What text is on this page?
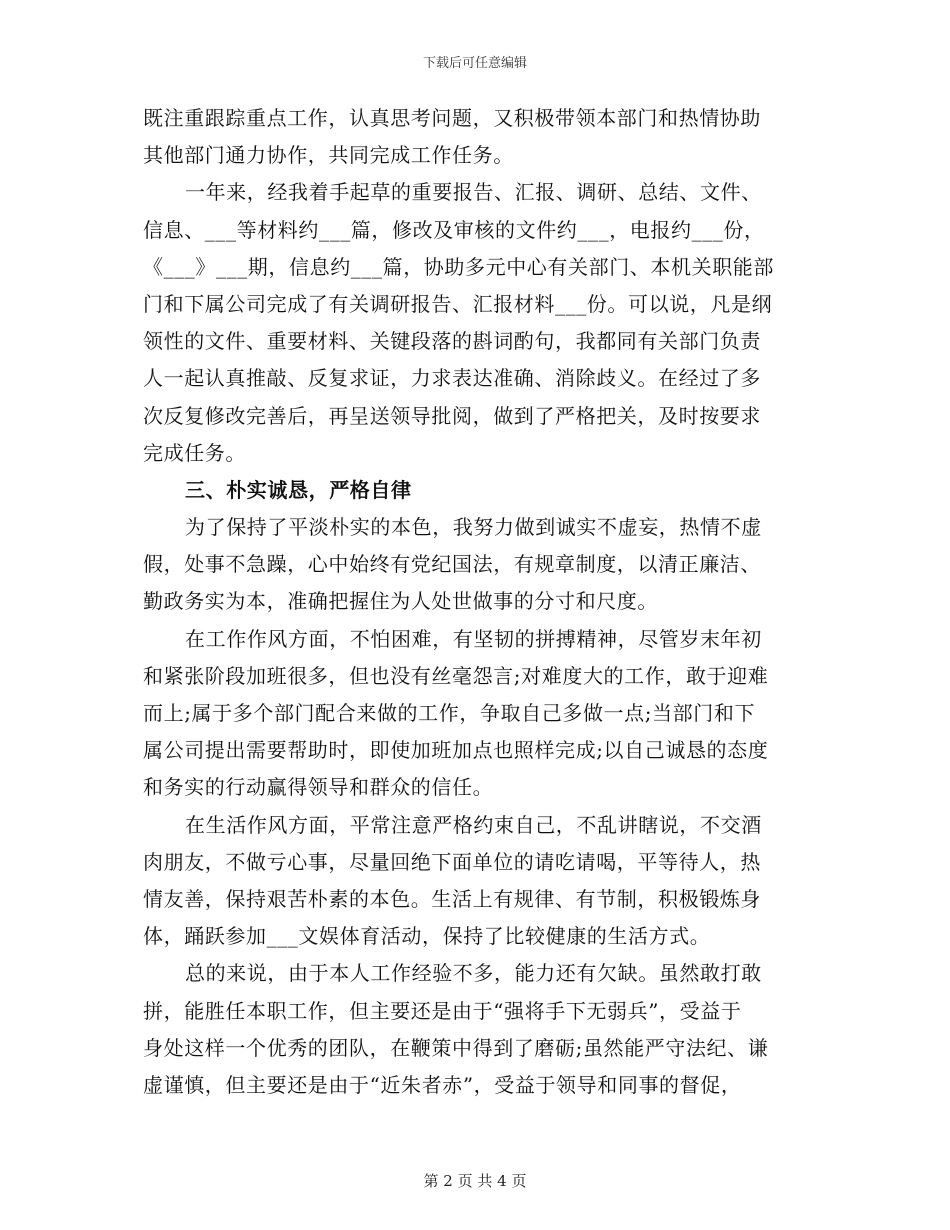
下载后可任意编辑
既注重跟踪重点工作，认真思考问题，又积极带领本部门和热情协助
其他部门通力协作，共同完成工作任务。
一年来，经我着手起草的重要报告、汇报、调研、总结、文件、
信息、___等材料约___篇，修改及审核的文件约___，电报约___份，
《___》___期，信息约___篇，协助多元中心有关部门、本机关职能部
门和下属公司完成了有关调研报告、汇报材料___份。可以说，凡是纲
领性的文件、重要材料、关键段落的斟词酌句，我都同有关部门负责
人一起认真推敲、反复求证，力求表达准确、消除歧义。在经过了多
次反复修改完善后，再呈送领导批阅，做到了严格把关，及时按要求
完成任务。
三、朴实诚恳，严格自律
为了保持了平淡朴实的本色，我努力做到诚实不虚妄，热情不虚
假，处事不急躁，心中始终有党纪国法，有规章制度，以清正廉洁、
勤政务实为本，准确把握住为人处世做事的分寸和尺度。
在工作作风方面，不怕困难，有坚韧的拼搏精神，尽管岁末年初
和紧张阶段加班很多，但也没有丝毫怨言;对难度大的工作，敢于迎难
而上;属于多个部门配合来做的工作，争取自己多做一点;当部门和下
属公司提出需要帮助时，即使加班加点也照样完成;以自己诚恳的态度
和务实的行动赢得领导和群众的信任。
在生活作风方面，平常注意严格约束自己，不乱讲瞎说，不交酒
肉朋友，不做亏心事，尽量回绝下面单位的请吃请喝，平等待人，热
情友善，保持艰苦朴素的本色。生活上有规律、有节制，积极锻炼身
体，踊跃参加___文娱体育活动，保持了比较健康的生活方式。
总的来说，由于本人工作经验不多，能力还有欠缺。虽然敢打敢
拼，能胜任本职工作，但主要还是由于“强将手下无弱兵”，受益于
身处这样一个优秀的团队，在鞭策中得到了磨砺;虽然能严守法纪、谦
虚谨慎，但主要还是由于“近朱者赤”，受益于领导和同事的督促，
第 2 页 共 4 页
